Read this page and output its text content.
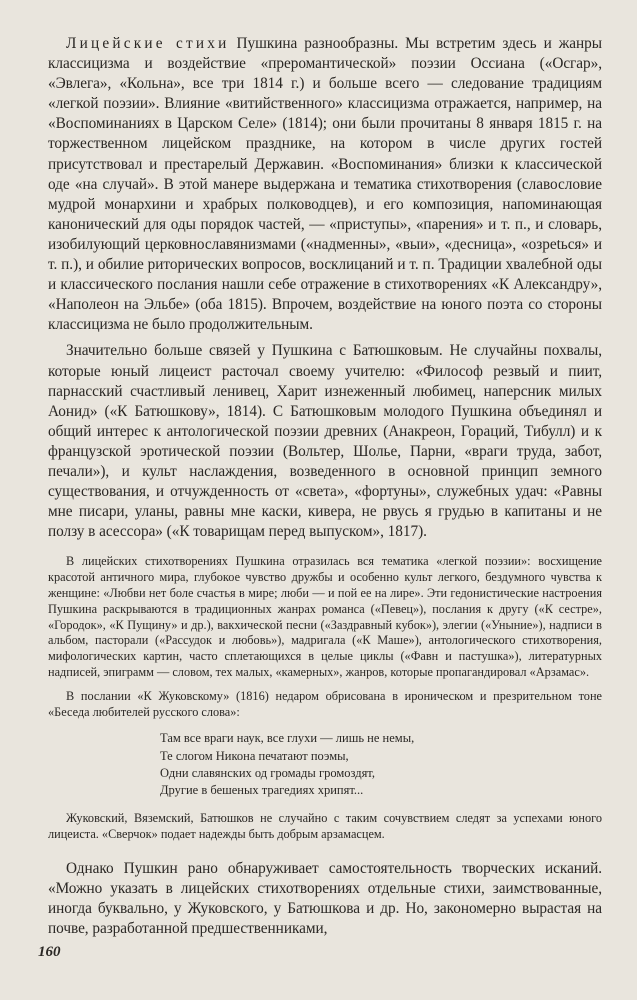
Лицейские стихи Пушкина разнообразны. Мы встретим здесь и жанры классицизма и воздействие «преромантической» поэзии Оссиана («Осгар», «Эвлега», «Кольна», все три 1814 г.) и больше всего — следование традициям «легкой поэзии». Влияние «витийственного» классицизма отражается, например, на «Воспоминаниях в Царском Селе» (1814); они были прочитаны 8 января 1815 г. на торжественном лицейском празднике, на котором в числе других гостей присутствовал и престарелый Державин. «Воспоминания» близки к классической оде «на случай». В этой манере выдержана и тематика стихотворения (славословие мудрой монархини и храбрых полководцев), и его композиция, напоминающая канонический для оды порядок частей, — «приступы», «парения» и т. п., и словарь, изобилующий церковнославянизмами («надменны», «выи», «десница», «озрetься» и т. п.), и обилие риторических вопросов, восклицаний и т. п. Традиции хвалебной оды и классического послания нашли себе отражение в стихотворениях «К Александру», «Наполеон на Эльбе» (оба 1815). Впрочем, воздействие на юного поэта со стороны классицизма не было продолжительным.

Значительно больше связей у Пушкина с Батюшковым. Не случайны похвалы, которые юный лицеист расточал своему учителю: «Философ резвый и пиит, парнасский счастливый ленивец, Харит изнеженный любимец, наперсник милых Аонид» («К Батюшкову», 1814). С Батюшковым молодого Пушкина объединял и общий интерес к антологической поэзии древних (Анакреон, Гораций, Тибулл) и к французской эротической поэзии (Вольтер, Шолье, Парни, «враги труда, забот, печали»), и культ наслаждения, возведенного в основной принцип земного существования, и отчужденность от «света», «фортуны», служебных удач: «Равны мне писари, уланы, равны мне каски, кивера, не рвусь я грудью в капитаны и не ползу в асессора» («К товарищам перед выпуском», 1817).

В лицейских стихотворениях Пушкина отразилась вся тематика «легкой поэзии»: восхищение красотой античного мира, глубокое чувство дружбы и особенно культ легкого, бездумного чувства к женщине: «Любви нет боле счастья в мире; люби — и пой ее на лире». Эти гедонистические настроения Пушкина раскрываются в традиционных жанрах романса («Певец»), послания к другу («К сестре», «Городок», «К Пущину» и др.), вакхической песни («Заздравный кубок»), элегии («Уныние»), надписи в альбом, пасторали («Рассудок и любовь»), мадригала («К Маше»), антологического стихотворения, мифологических картин, часто сплетающихся в целые циклы («Фавн и пастушка»), литературных надписей, эпиграмм — словом, тех малых, «камерных», жанров, которые пропагандировал «Арзамас».

В послании «К Жуковскому» (1816) недаром обрисована в ироническом и презрительном тоне «Беседа любителей русского слова»:

Там все враги наук, все глухи — лишь не немы,
Те слогом Никона печатают поэмы,
Одни славянских од громады громоздят,
Другие в бешеных трагедиях хрипят...

Жуковский, Вяземский, Батюшков не случайно с таким сочувствием следят за успехами юного лицеиста. «Сверчок» подает надежды быть добрым арзамасцем.

Однако Пушкин рано обнаруживает самостоятельность творческих исканий. «Можно указать в лицейских стихотворениях отдельные стихи, заимствованные, иногда буквально, у Жуковского, у Батюшкова и др. Но, закономерно вырастая на почве, разработанной предшественниками,

160
